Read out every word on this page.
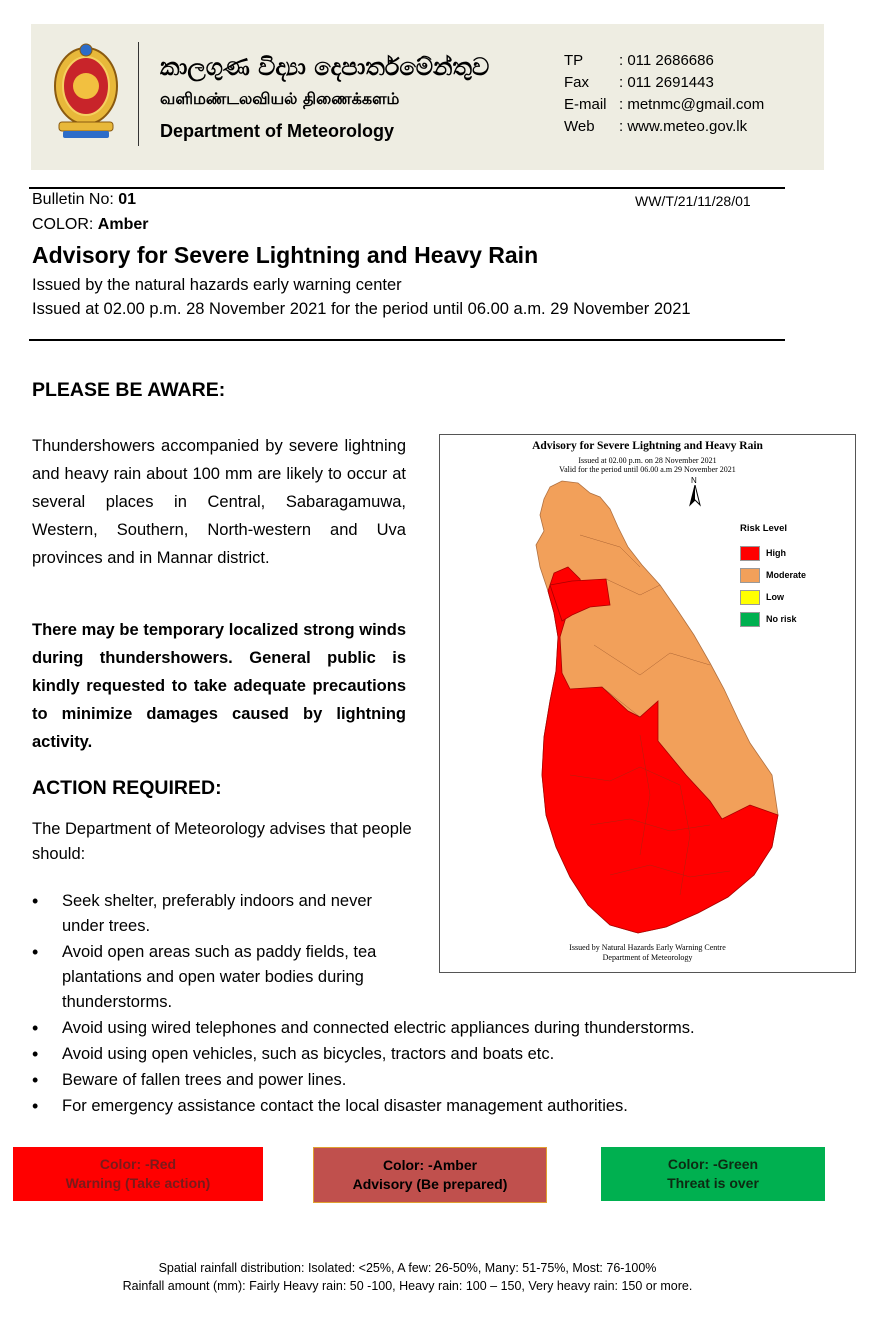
කාලගුණ විද්‍යා දෙපාර්තමේන්තුව
வளிமண்டலவியல் திணைக்களம்
Department of Meteorology
TP	: 011 2686686
Fax	: 011 2691443
E-mail : metnmc@gmail.com
Web	: www.meteo.gov.lk
Bulletin No: 01	WW/T/21/11/28/01
COLOR: Amber
Advisory for Severe Lightning and Heavy Rain
Issued by the natural hazards early warning center
Issued at 02.00 p.m. 28 November 2021 for the period until 06.00 a.m. 29 November 2021
PLEASE BE AWARE:
Thundershowers accompanied by severe lightning and heavy rain about 100 mm are likely to occur at several places in Central, Sabaragamuwa, Western, Southern, North-western and Uva provinces and in Mannar district.
There may be temporary localized strong winds during thundershowers. General public is kindly requested to take adequate precautions to minimize damages caused by lightning activity.
ACTION REQUIRED:
The Department of Meteorology advises that people should:
• Seek shelter, preferably indoors and never under trees.
• Avoid open areas such as paddy fields, tea plantations and open water bodies during thunderstorms.
• Avoid using wired telephones and connected electric appliances during thunderstorms.
• Avoid using open vehicles, such as bicycles, tractors and boats etc.
• Beware of fallen trees and power lines.
• For emergency assistance contact the local disaster management authorities.
Advisory for Severe Lightning and Heavy Rain
Issued at 02.00 p.m. on 28 November 2021
Valid for the period until 06.00 a.m 29 November 2021
N
Risk Level
High
Moderate
Low
No risk
Issued by Natural Hazards Early Warning Centre
Department of Meteorology
Color: -Red
Warning (Take action)
Color: -Amber
Advisory (Be prepared)
Color: -Green
Threat is over
Spatial rainfall distribution: Isolated: <25%, A few: 26-50%, Many: 51-75%, Most: 76-100%
Rainfall amount (mm): Fairly Heavy rain: 50 -100, Heavy rain: 100 – 150, Very heavy rain: 150 or more.
